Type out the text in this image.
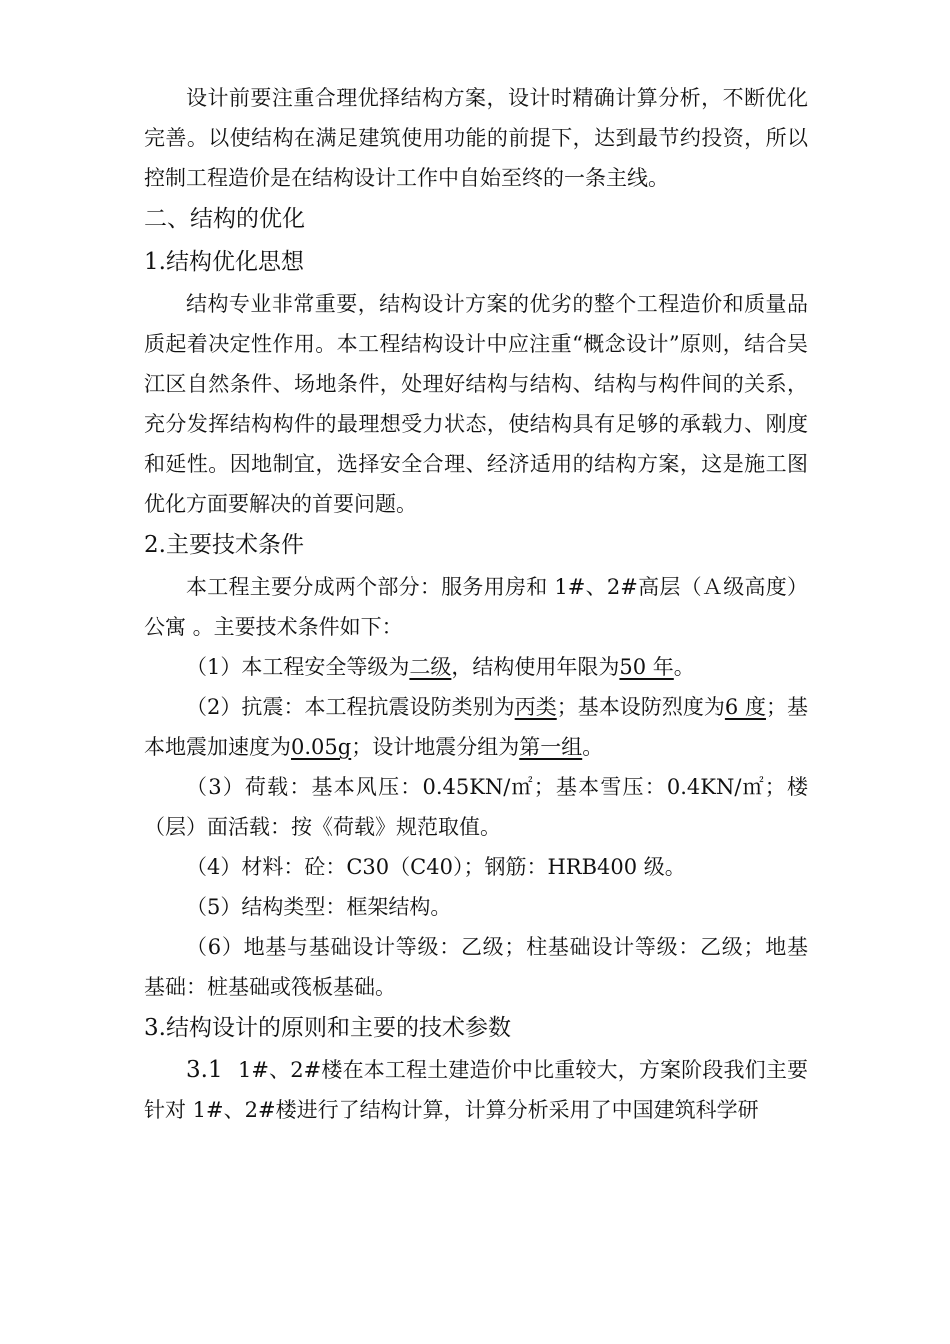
设计前要注重合理优择结构方案，设计时精确计算分析，不断优化完善。以使结构在满足建筑使用功能的前提下，达到最节约投资，所以控制工程造价是在结构设计工作中自始至终的一条主线。

二、结构的优化
1.结构优化思想

结构专业非常重要，结构设计方案的优劣的整个工程造价和质量品质起着决定性作用。本工程结构设计中应注重“概念设计”原则，结合吴江区自然条件、场地条件，处理好结构与结构、结构与构件间的关系，充分发挥结构构件的最理想受力状态，使结构具有足够的承载力、刚度和延性。因地制宜，选择安全合理、经济适用的结构方案，这是施工图优化方面要解决的首要问题。

2.主要技术条件

本工程主要分成两个部分：服务用房和 1#、2#高层（Ａ级高度）公寓 。主要技术条件如下：

（1）本工程安全等级为二级，结构使用年限为50 年。

（2）抗震：本工程抗震设防类别为丙类；基本设防烈度为6 度；基本地震加速度为0.05g；设计地震分组为第一组。

（3）荷载：基本风压：0.45KN/㎡；基本雪压：0.4KN/㎡；楼（层）面活载：按《荷载》规范取值。

（4）材料：砼：C30（C40）；钢筋：HRB400 级。

（5）结构类型：框架结构。

（6）地基与基础设计等级：乙级；柱基础设计等级：乙级；地基基础：桩基础或筏板基础。

3.结构设计的原则和主要的技术参数

3.1 1#、2#楼在本工程土建造价中比重较大，方案阶段我们主要针对 1#、2#楼进行了结构计算，计算分析采用了中国建筑科学研
